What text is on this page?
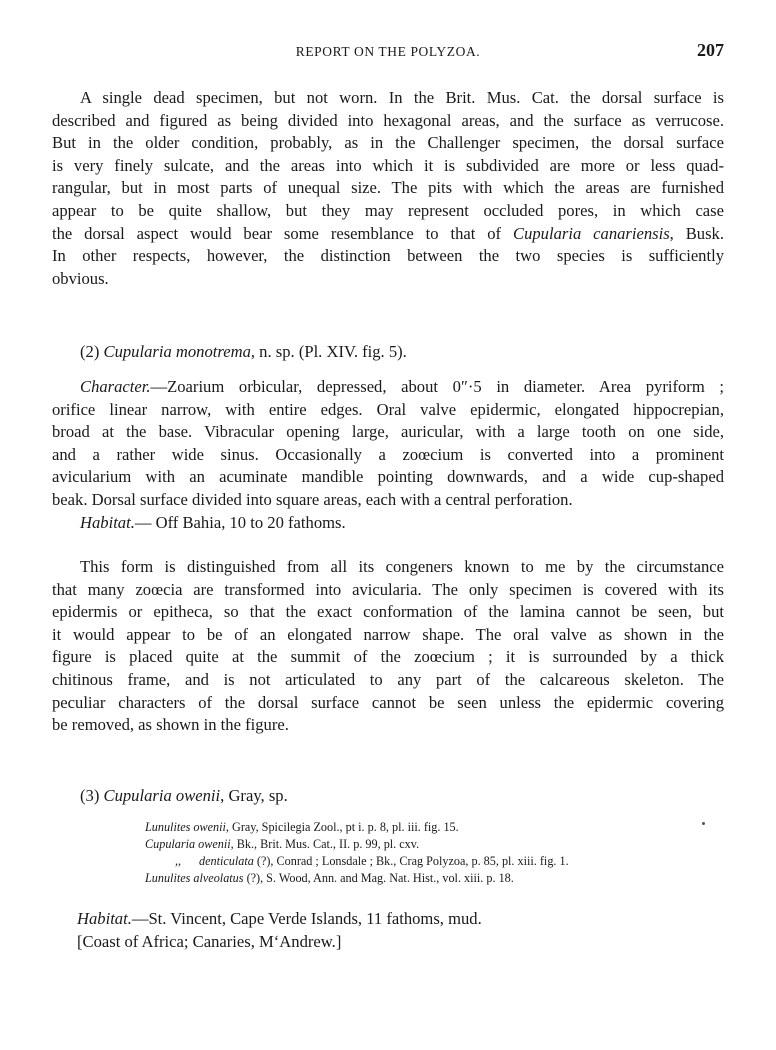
REPORT ON THE POLYZOA.	207

A single dead specimen, but not worn. In the Brit. Mus. Cat. the dorsal surface is
described and figured as being divided into hexagonal areas, and the surface as verrucose.
But in the older condition, probably, as in the Challenger specimen, the dorsal surface
is very finely sulcate, and the areas into which it is subdivided are more or less quad-
rangular, but in most parts of unequal size. The pits with which the areas are furnished
appear to be quite shallow, but they may represent occluded pores, in which case
the dorsal aspect would bear some resemblance to that of Cupularia canariensis, Busk.
In other respects, however, the distinction between the two species is sufficiently
obvious.

(2) Cupularia monotrema, n. sp. (Pl. XIV. fig. 5).

Character.—Zoarium orbicular, depressed, about 0″·5 in diameter. Area pyriform ;
orifice linear narrow, with entire edges. Oral valve epidermic, elongated hippocrepian,
broad at the base. Vibracular opening large, auricular, with a large tooth on one side,
and a rather wide sinus. Occasionally a zoœcium is converted into a prominent
avicularium with an acuminate mandible pointing downwards, and a wide cup-shaped
beak. Dorsal surface divided into square areas, each with a central perforation.
Habitat.— Off Bahia, 10 to 20 fathoms.

This form is distinguished from all its congeners known to me by the circumstance
that many zoœcia are transformed into avicularia. The only specimen is covered with its
epidermis or epitheca, so that the exact conformation of the lamina cannot be seen, but
it would appear to be of an elongated narrow shape. The oral valve as shown in the
figure is placed quite at the summit of the zoœcium ; it is surrounded by a thick
chitinous frame, and is not articulated to any part of the calcareous skeleton. The
peculiar characters of the dorsal surface cannot be seen unless the epidermic covering
be removed, as shown in the figure.

(3) Cupularia owenii, Gray, sp.

Lunulites owenii, Gray, Spicilegia Zool., pt i. p. 8, pl. iii. fig. 15.

Cupularia owenii, Bk., Brit. Mus. Cat., II. p. 99, pl. cxv.

,, denticulata (?), Conrad ; Lonsdale ; Bk., Crag Polyzoa, p. 85, pl. xiii. fig. 1.

Lunulites alveolatus (?), S. Wood, Ann. and Mag. Nat. Hist., vol. xiii. p. 18.

Habitat.—St. Vincent, Cape Verde Islands, 11 fathoms, mud.
[Coast of Africa; Canaries, M‘Andrew.]
